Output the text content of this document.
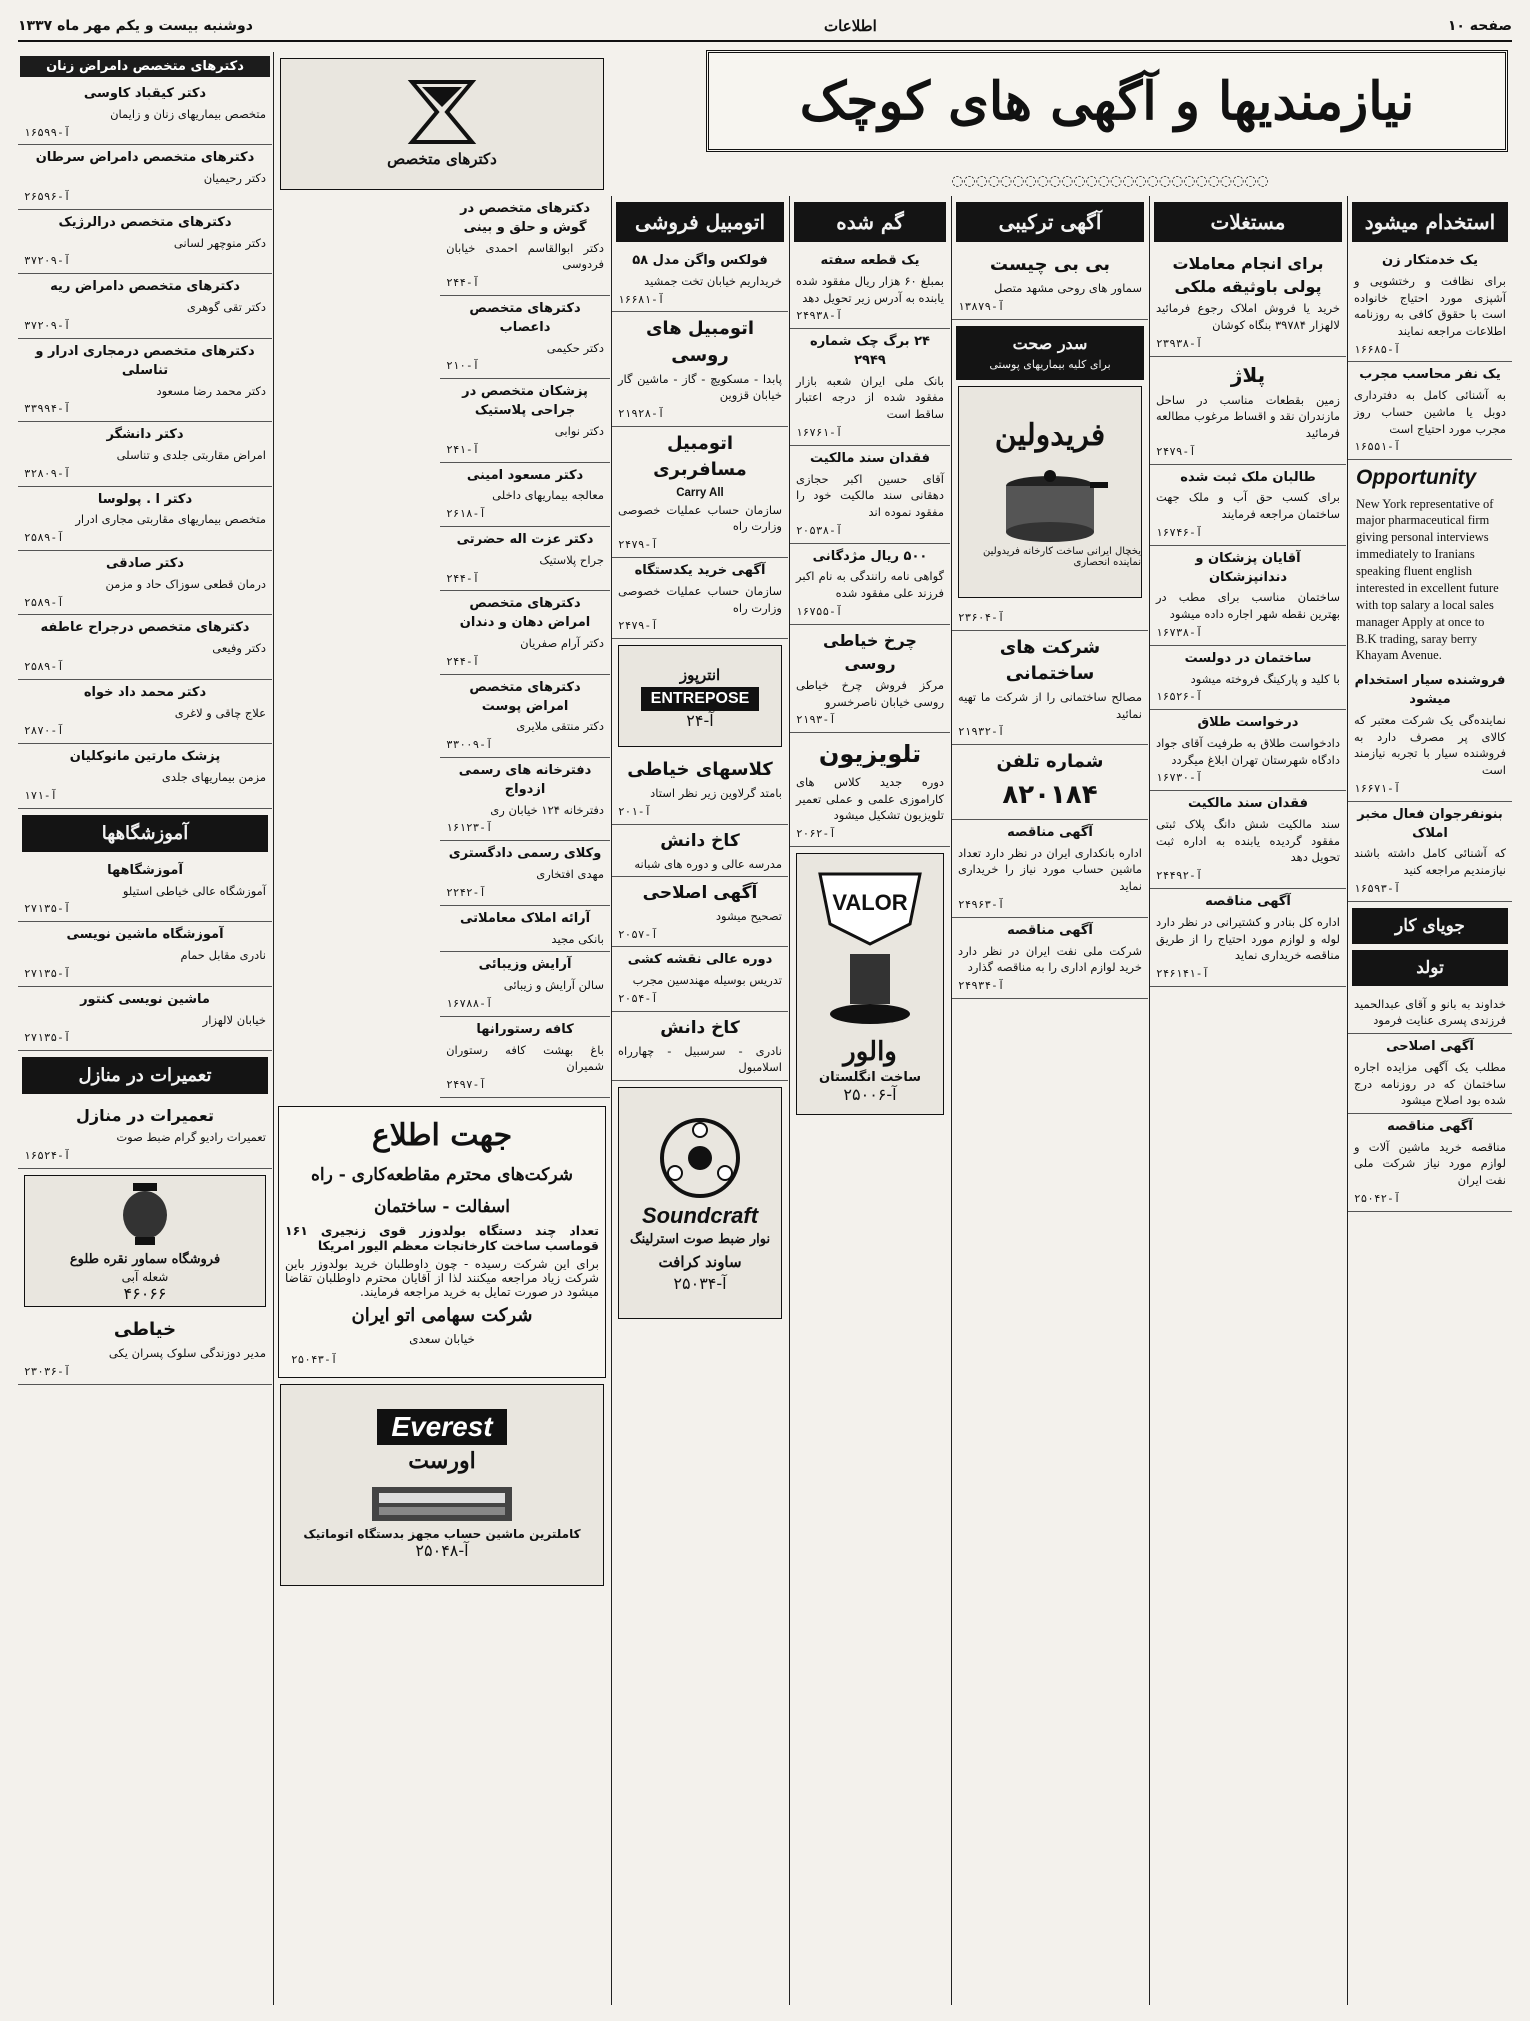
صفحه ۱۰
اطلاعات
دوشنبه بیست و یکم مهر ماه ۱۳۳۷
نیازمندیها و آگهی های کوچک
◌◌◌◌◌◌◌◌◌◌◌◌◌◌◌◌◌◌◌◌◌◌◌◌◌◌
استخدام میشود
یک خدمتکار زن
برای نظافت و رختشویی و آشپزی مورد احتیاج خانواده است با حقوق کافی به روزنامه اطلاعات مراجعه نمایند
آ-۱۶۶۸۵
یک نفر محاسب مجرب
به آشنائی کامل به دفترداری دوبل یا ماشین حساب روز مجرب مورد احتیاج است
آ-۱۶۵۵۱
Opportunity
New York representative of major pharmaceutical firm giving personal interviews immediately to Iranians speaking fluent english interested in excellent future with top salary a local sales manager Apply at once to B.K trading, saray berry Khayam Avenue.
فروشنده سیار استخدام میشود
نماینده‌گی یک شرکت معتبر که کالای پر مصرف دارد به فروشنده سیار با تجربه نیازمند است
آ-۱۶۶۷۱
بنونفرجوان فعال مخبر املاک
که آشنائی کامل داشته باشند نیازمندیم مراجعه کنید
آ-۱۶۵۹۳
جویای کار
تولد
خداوند به بانو و آقای عبدالحمید فرزندی پسری عنایت فرمود
آگهی اصلاحی
مطلب یک آگهی مزایده اجاره ساختمان که در روزنامه درج شده بود اصلاح میشود
آگهی مناقصه
مناقصه خرید ماشین آلات و لوازم مورد نیاز شرکت ملی نفت ایران
آ-۲۵۰۴۲
مستغلات
برای انجام معاملات پولی باوثیقه ملکی
خرید یا فروش املاک رجوع فرمائید لالهزار ۳۹۷۸۴ بنگاه کوشان
آ-۲۳۹۳۸
پلاژ
زمین بقطعات مناسب در ساحل مازندران نقد و اقساط مرغوب مطالعه فرمائید
آ-۲۴۷۹
طالبان ملک ثبت شده
برای کسب حق آب و ملک جهت ساختمان مراجعه فرمایند
آ-۱۶۷۴۶
آقایان پزشکان و دندانپزشکان
ساختمان مناسب برای مطب در بهترین نقطه شهر اجاره داده میشود
آ-۱۶۷۳۸
ساختمان در دولست
با کلید و پارکینگ فروخته میشود
آ-۱۶۵۲۶
درخواست طلاق
دادخواست طلاق به طرفیت آقای جواد دادگاه شهرستان تهران ابلاغ میگردد
آ-۱۶۷۳۰
فقدان سند مالکیت
سند مالکیت شش دانگ پلاک ثبتی مفقود گردیده یابنده به اداره ثبت تحویل دهد
آ-۲۴۴۹۲
آگهی مناقصه
اداره کل بنادر و کشتیرانی در نظر دارد لوله و لوازم مورد احتیاج را از طریق مناقصه خریداری نماید
آ-۲۴۶۱۴۱
آگهی ترکیبی
بی بی چیست
سماور های روحی مشهد متصل
آ-۱۳۸۷۹
سدر صحت
برای کلیه بیماریهای پوستی
فریدولین
یخچال ایرانی ساخت کارخانه فریدولین نماینده انحصاری
آ-۲۳۶۰۴
شرکت های ساختمانی
مصالح ساختمانی را از شرکت ما تهیه نمائید
آ-۲۱۹۳۲
شماره تلفن
۸۲۰۱۸۴
آگهی مناقصه
اداره بانکداری ایران در نظر دارد تعداد ماشین حساب مورد نیاز را خریداری نماید
آ-۲۴۹۶۳
آگهی مناقصه
شرکت ملی نفت ایران در نظر دارد خرید لوازم اداری را به مناقصه گذارد
آ-۲۴۹۳۴
گم شده
یک قطعه سفته
بمبلغ ۶۰ هزار ریال مفقود شده یابنده به آدرس زیر تحویل دهد
آ-۲۴۹۳۸
۲۴ برگ چک شماره ۲۹۴۹
بانک ملی ایران شعبه بازار مفقود شده از درجه اعتبار ساقط است
آ-۱۶۷۶۱
فقدان سند مالکیت
آقای حسین اکبر حجازی دهقانی سند مالکیت خود را مفقود نموده اند
آ-۲۰۵۳۸
۵۰۰ ریال مژدگانی
گواهی نامه رانندگی به نام اکبر فرزند علی مفقود شده
آ-۱۶۷۵۵
چرخ خیاطی روسی
مرکز فروش چرخ خیاطی روسی خیابان ناصرخسرو
آ-۲۱۹۳
تلویزیون
دوره جدید کلاس های کاراموزی علمی و عملی تعمیر تلویزیون تشکیل میشود
آ-۲۰۶۲
VALOR
والور
ساخت انگلستان
آ-۲۵۰۰۶
اتومبیل فروشی
فولکس واگن مدل ۵۸
خریداریم خیابان تخت جمشید
آ-۱۶۶۸۱
اتومبیل های روسی
پابدا - مسکویچ - گاز - ماشین گار خیابان قزوین
آ-۲۱۹۲۸
اتومبیل مسافربری
Carry All
سازمان حساب عملیات خصوصی وزارت راه
آ-۲۴۷۹
آگهی خرید یکدستگاه
سازمان حساب عملیات خصوصی وزارت راه
آ-۲۴۷۹
انترپوز
ENTREPOSE
آ-۲۴
کلاسهای خیاطی
بامتد گرلاوین زیر نظر استاد
آ-۲۰۱
کاخ دانش
مدرسه عالی و دوره های شبانه
آگهی اصلاحی
تصحیح میشود
آ-۲۰۵۷
دوره عالی نقشه کشی
تدریس بوسیله مهندسین مجرب
آ-۲۰۵۴
کاخ دانش
نادری - سرسبیل - چهارراه اسلامبول
Soundcraft
نوار ضبط صوت استرلینگ
ساوند کرافت
آ-۲۵۰۳۴
دکترهای متخصص
دکترهای متخصص در گوش و حلق و بینی
دکتر ابوالقاسم احمدی خیابان فردوسی
آ-۲۴۴
دکترهای متخصص داعصاب
دکتر حکیمی
آ-۲۱۰
پزشکان متخصص در جراحی پلاستیک
دکتر نوابی
آ-۲۴۱
دکتر مسعود امینی
معالجه بیماریهای داخلی
آ-۲۶۱۸
دکتر عزت اله حضرتی
جراح پلاستیک
آ-۲۴۴
دکترهای متخصص امراض دهان و دندان
دکتر آرام صفریان
آ-۲۴۴
دکترهای متخصص امراض پوست
دکتر منتقی ملایری
آ-۳۳۰۰۹
دفترخانه های رسمی ازدواج
دفترخانه ۱۲۴ خیابان ری
آ-۱۶۱۲۳
وکلای رسمی دادگستری
مهدی افتخاری
آ-۲۲۴۲
آرائه املاک معاملاتی
بانکی مجید
آرایش وزیبائی
سالن آرایش و زیبائی
آ-۱۶۷۸۸
کافه رستورانها
باغ بهشت کافه رستوران شمیران
آ-۲۴۹۷
جهت اطلاع
شرکت‌های محترم مقاطعه‌کاری - راه
اسفالت - ساختمان
تعداد چند دستگاه بولدوزر قوی زنجیری ۱۶۱ قوماسب ساخت کارخانجات معظم الیور امریکا
برای این شرکت رسیده - چون داوطلبان خرید بولدوزر باین شرکت زیاد مراجعه میکنند لذا از آقایان محترم داوطلبان تقاضا میشود در صورت تمایل به خرید مراجعه فرمایند.
شرکت سهامی اتو ایران
خیابان سعدی
آ-۲۵۰۴۳
Everest
اورست
کاملترین ماشین حساب مجهز بدستگاه اتوماتیک
آ-۲۵۰۴۸
دکترهای متخصص دامراض زنان
دکتر کیقباد کاوسی
متخصص بیماریهای زنان و زایمان
آ-۱۶۵۹۹
دکترهای متخصص دامراض سرطان
دکتر رحیمیان
آ-۲۶۵۹۶
دکترهای متخصص درالرژیک
دکتر منوچهر لسانی
آ-۳۷۲۰۹
دکترهای متخصص دامراض ریه
دکتر تقی گوهری
آ-۳۷۲۰۹
دکترهای متخصص درمجاری ادرار و تناسلی
دکتر محمد رضا مسعود
آ-۳۳۹۹۴
دکتر دانشگر
امراض مقاربتی جلدی و تناسلی
آ-۳۲۸۰۹
دکتر ا . پولوسا
متخصص بیماریهای مقاربتی مجاری ادرار
آ-۲۵۸۹
دکتر صادقی
درمان قطعی سوزاک حاد و مزمن
آ-۲۵۸۹
دکترهای متخصص درجراح عاطفه
دکتر وفیعی
آ-۲۵۸۹
دکتر محمد داد خواه
علاج چاقی و لاغری
آ-۲۸۷۰
پزشک مارتین مانوکلیان
مزمن بیماریهای جلدی
آ-۱۷۱
آموزشگاهها
آموزشگاهها
آموزشگاه عالی خیاطی استیلو
آ-۲۷۱۳۵
آموزشگاه ماشین نویسی
نادری مقابل حمام
آ-۲۷۱۳۵
ماشین نویسی کنتور
خیابان لالهزار
آ-۲۷۱۳۵
تعمیرات در منازل
تعمیرات در منازل
تعمیرات رادیو گرام ضبط صوت
آ-۱۶۵۲۴
فروشگاه سماور نقره طلوع
شعله آبی
۴۶۰۶۶
خیاطی
مدیر دوزندگی سلوک پسران یکی
آ-۲۳۰۳۶
